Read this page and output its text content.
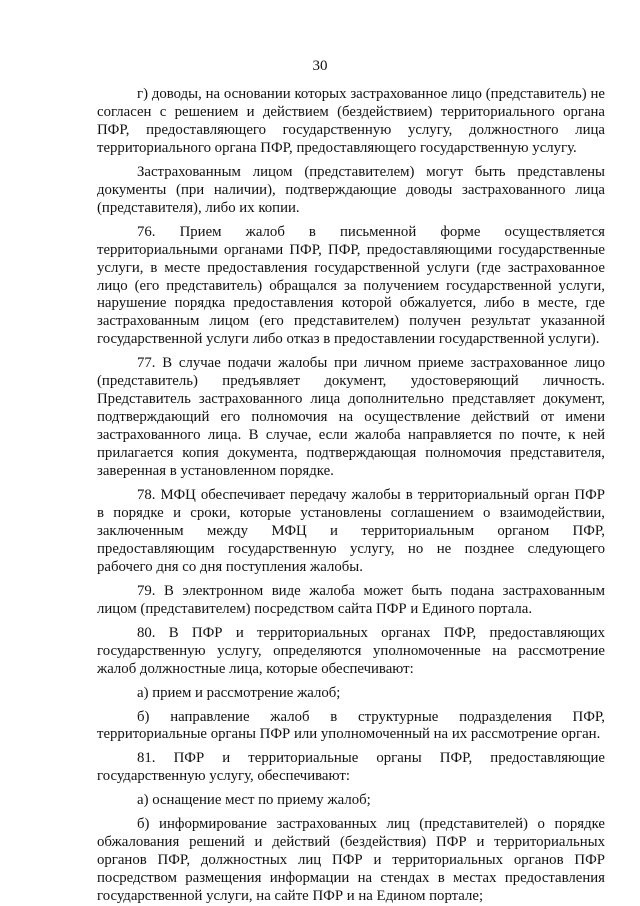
30

г) доводы, на основании которых застрахованное лицо (представитель) не согласен с решением и действием (бездействием) территориального органа ПФР, предоставляющего государственную услугу, должностного лица территориального органа ПФР, предоставляющего государственную услугу.

Застрахованным лицом (представителем) могут быть представлены документы (при наличии), подтверждающие доводы застрахованного лица (представителя), либо их копии.

76. Прием жалоб в письменной форме осуществляется территориальными органами ПФР, ПФР, предоставляющими государственные услуги, в месте предоставления государственной услуги (где застрахованное лицо (его представитель) обращался за получением государственной услуги, нарушение порядка предоставления которой обжалуется, либо в месте, где застрахованным лицом (его представителем) получен результат указанной государственной услуги либо отказ в предоставлении государственной услуги).

77. В случае подачи жалобы при личном приеме застрахованное лицо (представитель) предъявляет документ, удостоверяющий личность. Представитель застрахованного лица дополнительно представляет документ, подтверждающий его полномочия на осуществление действий от имени застрахованного лица. В случае, если жалоба направляется по почте, к ней прилагается копия документа, подтверждающая полномочия представителя, заверенная в установленном порядке.

78. МФЦ обеспечивает передачу жалобы в территориальный орган ПФР в порядке и сроки, которые установлены соглашением о взаимодействии, заключенным между МФЦ и территориальным органом ПФР, предоставляющим государственную услугу, но не позднее следующего рабочего дня со дня поступления жалобы.

79. В электронном виде жалоба может быть подана застрахованным лицом (представителем) посредством сайта ПФР и Единого портала.

80. В ПФР и территориальных органах ПФР, предоставляющих государственную услугу, определяются уполномоченные на рассмотрение жалоб должностные лица, которые обеспечивают:

а) прием и рассмотрение жалоб;

б) направление жалоб в структурные подразделения ПФР, территориальные органы ПФР или уполномоченный на их рассмотрение орган.

81. ПФР и территориальные органы ПФР, предоставляющие государственную услугу, обеспечивают:

а) оснащение мест по приему жалоб;

б) информирование застрахованных лиц (представителей) о порядке обжалования решений и действий (бездействия) ПФР и территориальных органов ПФР, должностных лиц ПФР и территориальных органов ПФР посредством размещения информации на стендах в местах предоставления государственной услуги, на сайте ПФР и на Едином портале;
